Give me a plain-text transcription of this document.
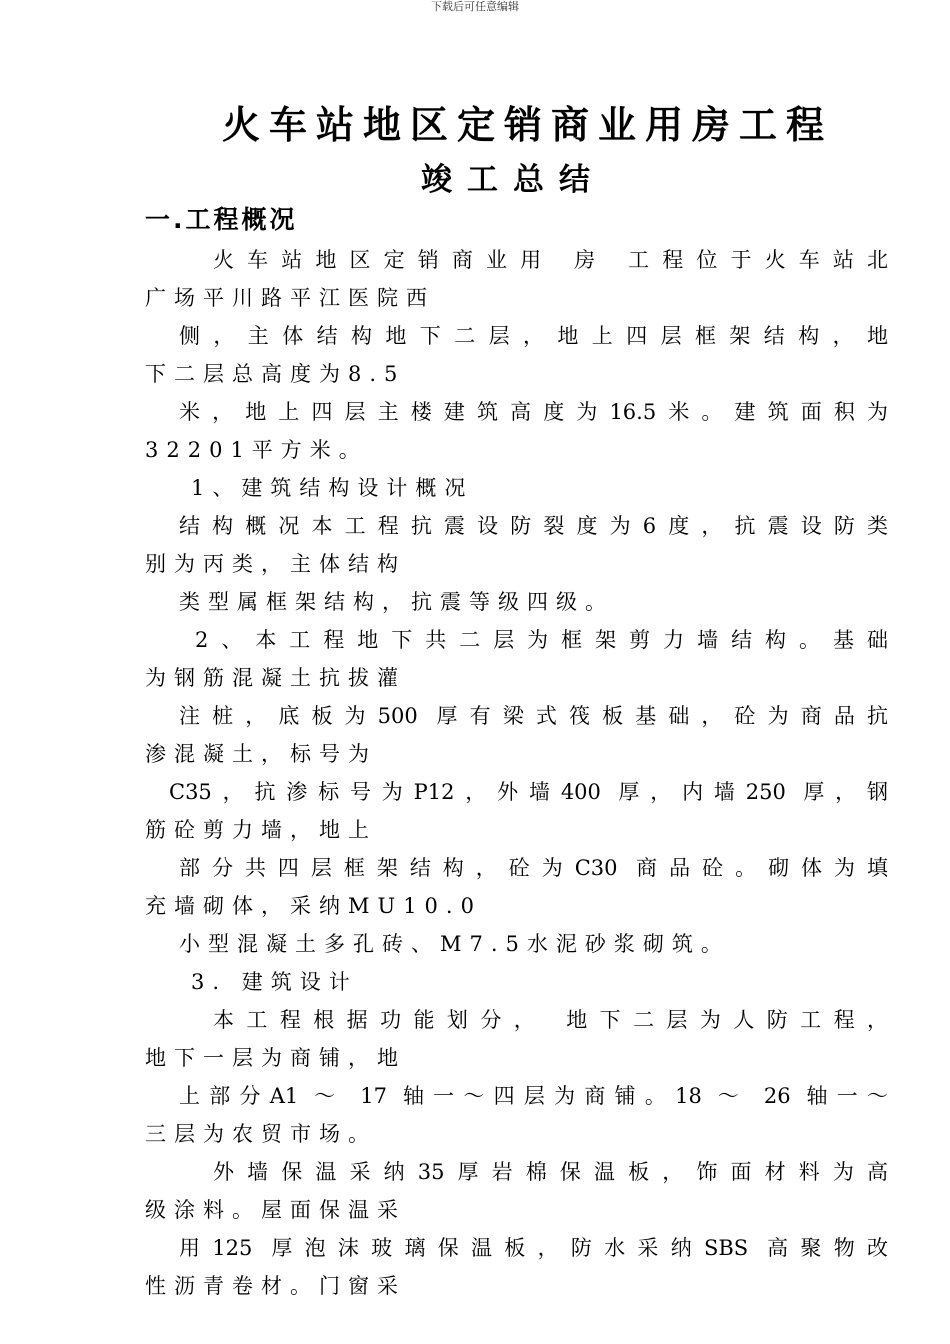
下载后可任意编辑
火车站地区定销商业用房工程
竣工总结
一.工程概况
火车站地区定销商业用 房 工程位于火车站北
广场平川路平江医院西
侧，主体结构地下二层，地上四层框架结构，地
下二层总高度为8.5
米，地上四层主楼建筑高度为16.5米。建筑面积为
32201平方米。
1、建筑结构设计概况
结构概况本工程抗震设防裂度为6度，抗震设防类
别为丙类，主体结构
类型属框架结构，抗震等级四级。
2、本工程地下共二层为框架剪力墙结构。基础
为钢筋混凝土抗拔灌
注桩，底板为500 厚有梁式筏板基础，砼为商品抗
渗混凝土，标号为
C35，抗渗标号为P12，外墙400 厚，内墙250 厚，钢
筋砼剪力墙，地上
部分共四层框架结构，砼为C30 商品砼。砌体为填
充墙砌体，采纳MU10.0
小型混凝土多孔砖、M7.5水泥砂浆砌筑。
3. 建筑设计
本工程根据功能划分， 地下二层为人防工程，
地下一层为商铺，地
上部分A1 ～ 17 轴一～四层为商铺。18 ～ 26 轴一～
三层为农贸市场。
外墙保温采纳35厚岩棉保温板，饰面材料为高
级涂料。屋面保温采
用125 厚泡沫玻璃保温板，防水采纳SBS 高聚物改
性沥青卷材。门窗采
